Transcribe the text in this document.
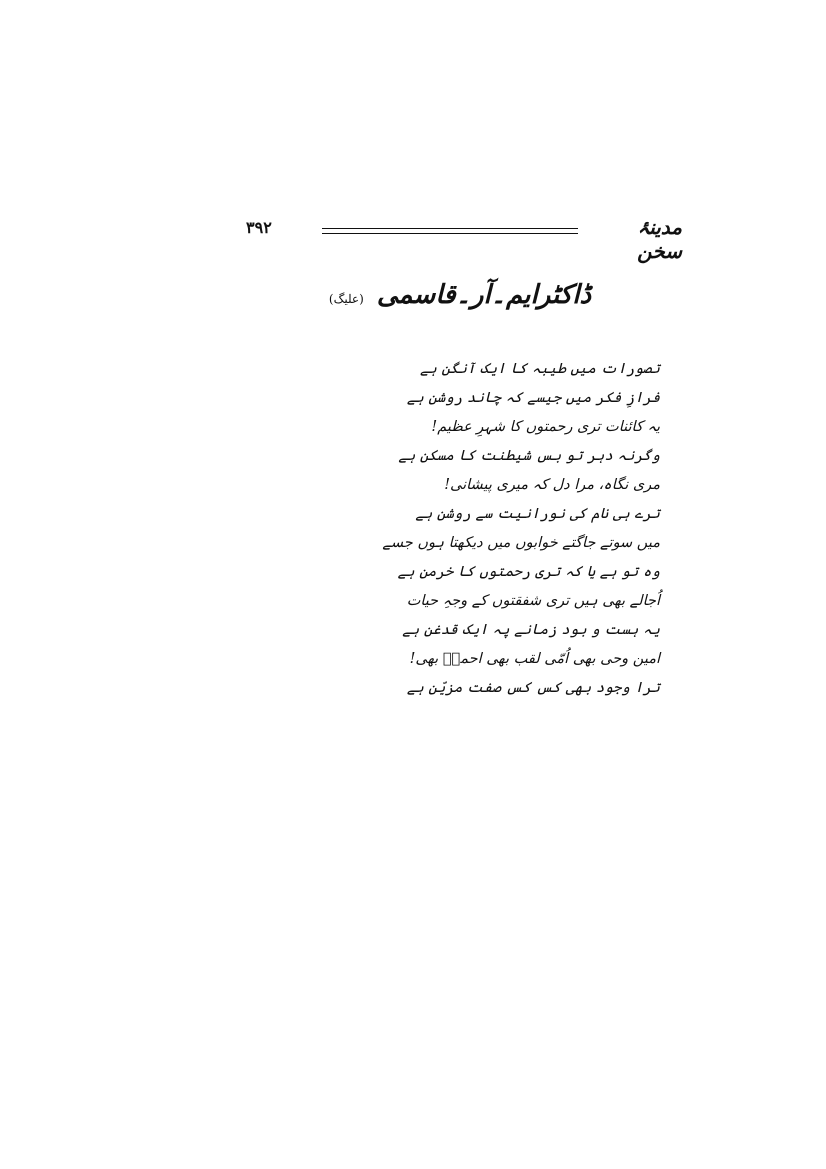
مدینۂ سخن
۳۹۲
ڈاکٹرایم۔آر۔قاسمی (علیگ)
تصورات میں طیبہ کا ایک آنگن ہے
فرازِ فکر میں جیسے کہ چاند روشن ہے
یہ کائنات تری رحمتوں کا شہرِ عظیم!
وگرنہ دہر تو بس شیطنت کا مسکن ہے
مری نگاہ، مرا دل کہ میری پیشانی!
ترے ہی نام کی نورانیت سے روشن ہے
میں سوتے جاگتے خوابوں میں دیکھتا ہوں جسے
وہ تو ہے یا کہ تری رحمتوں کا خرمن ہے
اُجالے بھی ہیں تری شفقتوں کے وجہِ حیات
یہ ہست و بود زمانے پہ ایک قدغن ہے
امین وحی بھی اُمّی لقب بھی احمدؐ بھی!
ترا وجود بھی کس کس صفت مزیّن ہے
